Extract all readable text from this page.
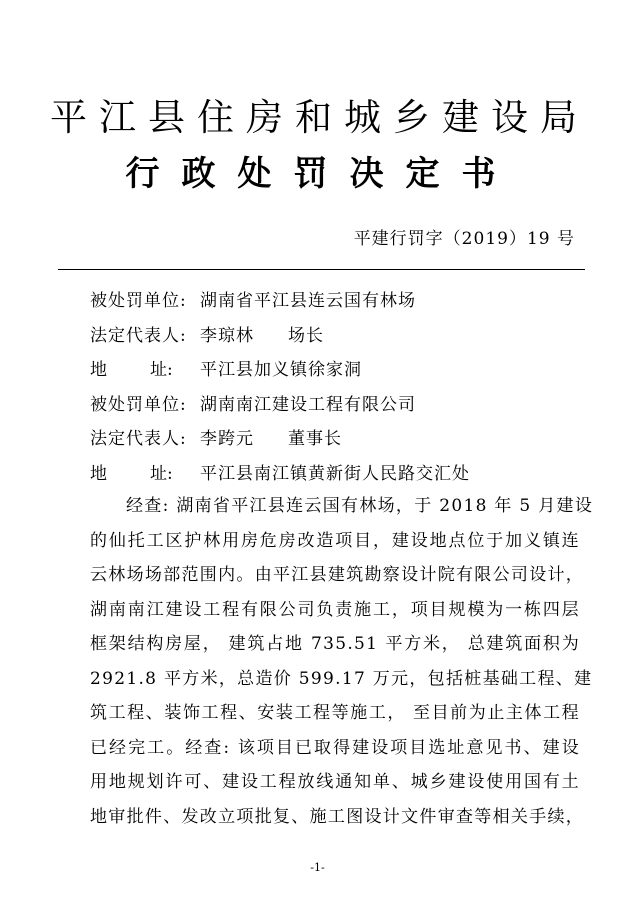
平江县住房和城乡建设局
行政处罚决定书
平建行罚字（2019）19 号
被处罚单位: 湖南省平江县连云国有林场
法定代表人: 李琼林 场长
地	址: 平江县加义镇徐家洞
被处罚单位: 湖南南江建设工程有限公司
法定代表人: 李跨元 董事长
地	址: 平江县南江镇黄新街人民路交汇处
经查: 湖南省平江县连云国有林场，于 2018 年 5 月建设
的仙托工区护林用房危房改造项目，建设地点位于加义镇连
云林场场部范围内。由平江县建筑勘察设计院有限公司设计，
湖南南江建设工程有限公司负责施工，项目规模为一栋四层
框架结构房屋， 建筑占地 735.51 平方米， 总建筑面积为
2921.8 平方米，总造价 599.17 万元，包括桩基础工程、建
筑工程、装饰工程、安装工程等施工， 至目前为止主体工程
已经完工。经查: 该项目已取得建设项目选址意见书、建设
用地规划许可、建设工程放线通知单、城乡建设使用国有土
地审批件、发改立项批复、施工图设计文件审查等相关手续，
-1-
